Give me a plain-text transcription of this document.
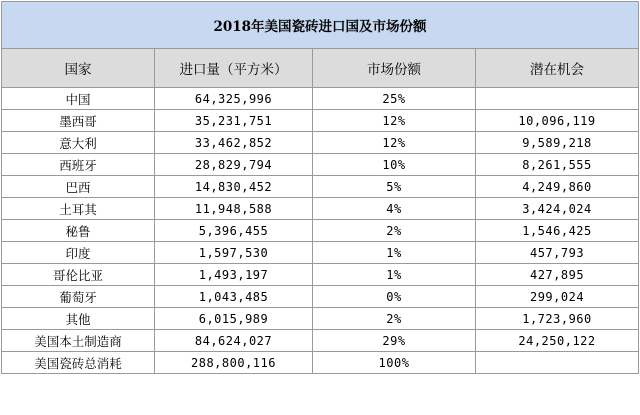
2018年美国瓷砖进口国及市场份额			
国家	进口量（平方米）	市场份额	潜在机会
中国	64,325,996	25%	
墨西哥	35,231,751	12%	10,096,119
意大利	33,462,852	12%	9,589,218
西班牙	28,829,794	10%	8,261,555
巴西	14,830,452	5%	4,249,860
土耳其	11,948,588	4%	3,424,024
秘鲁	5,396,455	2%	1,546,425
印度	1,597,530	1%	457,793
哥伦比亚	1,493,197	1%	427,895
葡萄牙	1,043,485	0%	299,024
其他	6,015,989	2%	1,723,960
美国本土制造商	84,624,027	29%	24,250,122
美国瓷砖总消耗	288,800,116	100%	
